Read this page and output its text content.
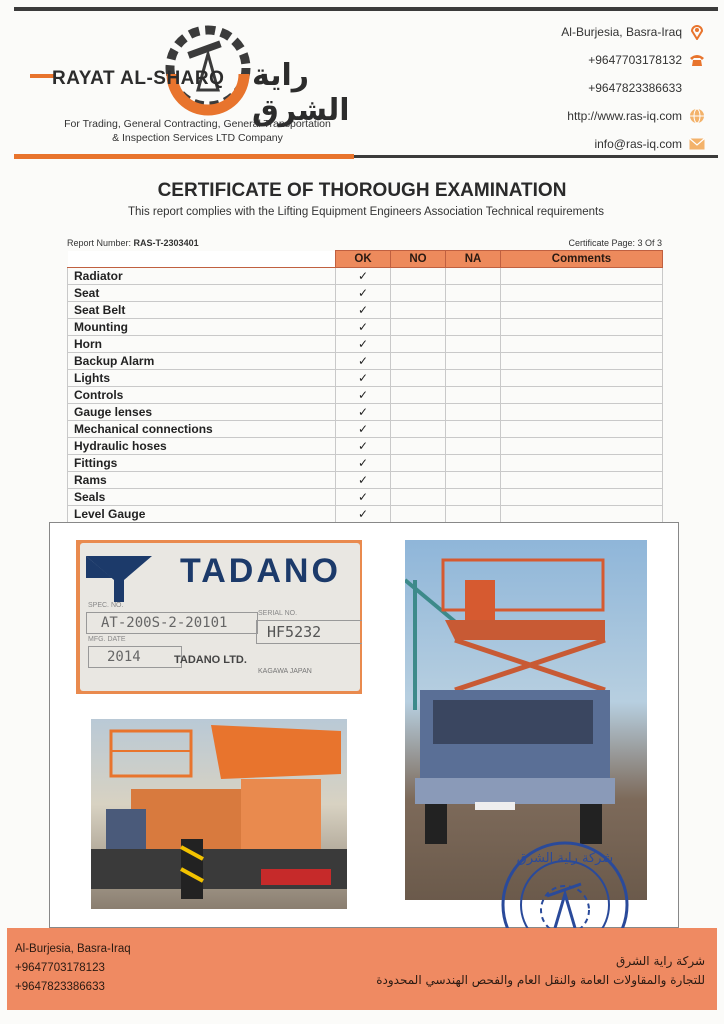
RAYAT AL-SHARQ راية الشرق
For Trading, General Contracting, General Transportation
& Inspection Services LTD Company
Al-Burjesia, Basra-Iraq
+9647703178132
+9647823386633
http://www.ras-iq.com
info@ras-iq.com
CERTIFICATE OF THOROUGH EXAMINATION
This report complies with the Lifting Equipment Engineers Association Technical requirements
Report Number: RAS-T-2303401	Certificate Page: 3 Of 3
	OK	NO	NA	Comments
Radiator	✓			
Seat	✓			
Seat Belt	✓			
Mounting	✓			
Horn	✓			
Backup Alarm	✓			
Lights	✓			
Controls	✓			
Gauge lenses	✓			
Mechanical connections	✓			
Hydraulic hoses	✓			
Fittings	✓			
Rams	✓			
Seals	✓			
Level Gauge	✓			
TADANO
SPEC. NO.
AT-200S-2-20101
SERIAL NO.
HF5232
MFG. DATE
2014	TADANO LTD.
KAGAWA JAPAN
شركة راية الشرق
Al-Burjesia, Basra-Iraq
+9647703178123
+9647823386633
شركة راية الشرق
للتجارة والمقاولات العامة والنقل العام والفحص الهندسي المحدودة
